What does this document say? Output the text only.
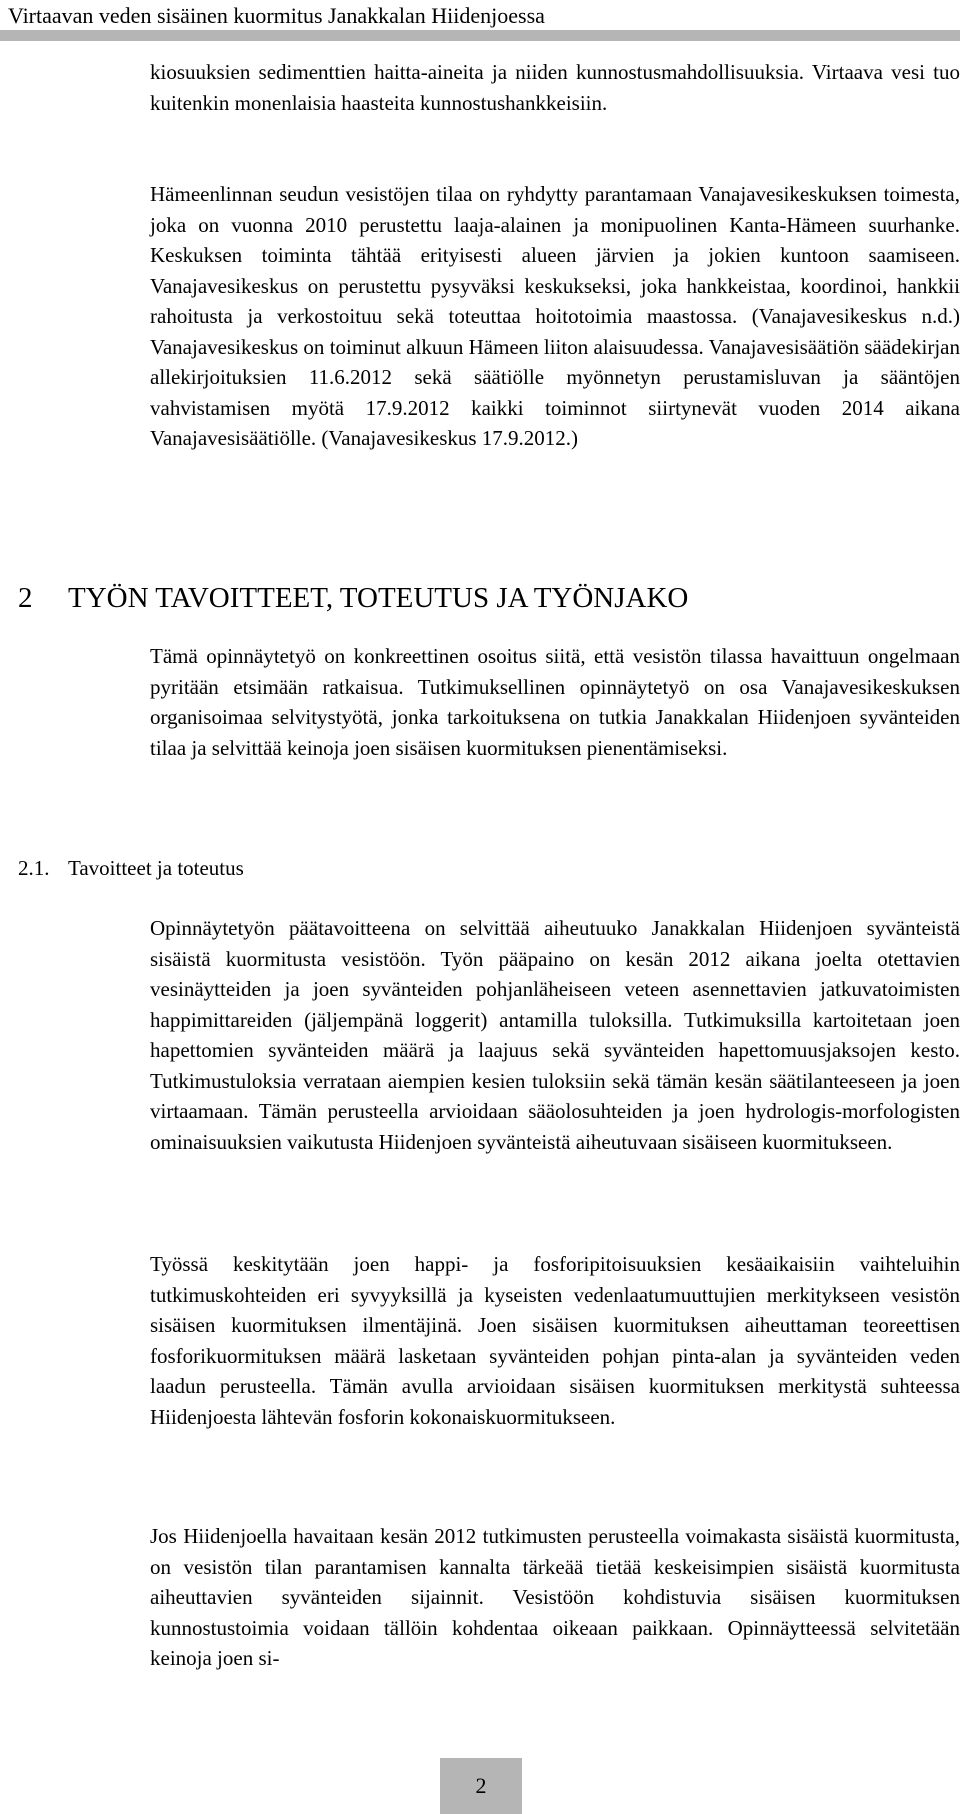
Virtaavan veden sisäinen kuormitus Janakkalan Hiidenjoessa

kiosuuksien sedimenttien haitta-aineita ja niiden kunnostusmahdollisuuksia. Virtaava vesi tuo kuitenkin monenlaisia haasteita kunnostushankkeisiin.

Hämeenlinnan seudun vesistöjen tilaa on ryhdytty parantamaan Vanajavesikeskuksen toimesta, joka on vuonna 2010 perustettu laaja-alainen ja monipuolinen Kanta-Hämeen suurhanke. Keskuksen toiminta tähtää erityisesti alueen järvien ja jokien kuntoon saamiseen. Vanajavesikeskus on perustettu pysyväksi keskukseksi, joka hankkeistaa, koordinoi, hankkii rahoitusta ja verkostoituu sekä toteuttaa hoitotoimia maastossa. (Vanajavesikeskus n.d.) Vanajavesikeskus on toiminut alkuun Hämeen liiton alaisuudessa. Vanajavesisäätiön säädekirjan allekirjoituksien 11.6.2012 sekä säätiölle myönnetyn perustamisluvan ja sääntöjen vahvistamisen myötä 17.9.2012 kaikki toiminnot siirtynevät vuoden 2014 aikana Vanajavesisäätiölle. (Vanajavesikeskus 17.9.2012.)

2 TYÖN TAVOITTEET, TOTEUTUS JA TYÖNJAKO

Tämä opinnäytetyö on konkreettinen osoitus siitä, että vesistön tilassa havaittuun ongelmaan pyritään etsimään ratkaisua. Tutkimuksellinen opinnäytetyö on osa Vanajavesikeskuksen organisoimaa selvitystyötä, jonka tarkoituksena on tutkia Janakkalan Hiidenjoen syvänteiden tilaa ja selvittää keinoja joen sisäisen kuormituksen pienentämiseksi.

2.1. Tavoitteet ja toteutus

Opinnäytetyön päätavoitteena on selvittää aiheutuuko Janakkalan Hiidenjoen syvänteistä sisäistä kuormitusta vesistöön. Työn pääpaino on kesän 2012 aikana joelta otettavien vesinäytteiden ja joen syvänteiden pohjanläheiseen veteen asennettavien jatkuvatoimisten happimittareiden (jäljempänä loggerit) antamilla tuloksilla. Tutkimuksilla kartoitetaan joen hapettomien syvänteiden määrä ja laajuus sekä syvänteiden hapettomuusjaksojen kesto. Tutkimustuloksia verrataan aiempien kesien tuloksiin sekä tämän kesän säätilanteeseen ja joen virtaamaan. Tämän perusteella arvioidaan sääolosuhteiden ja joen hydrologis-morfologisten ominaisuuksien vaikutusta Hiidenjoen syvänteistä aiheutuvaan sisäiseen kuormitukseen.

Työssä keskitytään joen happi- ja fosforipitoisuuksien kesäaikaisiin vaihteluihin tutkimuskohteiden eri syvyyksillä ja kyseisten vedenlaatumuuttujien merkitykseen vesistön sisäisen kuormituksen ilmentäjinä. Joen sisäisen kuormituksen aiheuttaman teoreettisen fosforikuormituksen määrä lasketaan syvänteiden pohjan pinta-alan ja syvänteiden veden laadun perusteella. Tämän avulla arvioidaan sisäisen kuormituksen merkitystä suhteessa Hiidenjoesta lähtevän fosforin kokonaiskuormitukseen.

Jos Hiidenjoella havaitaan kesän 2012 tutkimusten perusteella voimakasta sisäistä kuormitusta, on vesistön tilan parantamisen kannalta tärkeää tietää keskeisimpien sisäistä kuormitusta aiheuttavien syvänteiden sijainnit. Vesistöön kohdistuvia sisäisen kuormituksen kunnostustoimia voidaan tällöin kohdentaa oikeaan paikkaan. Opinnäytteessä selvitetään keinoja joen si-

2
